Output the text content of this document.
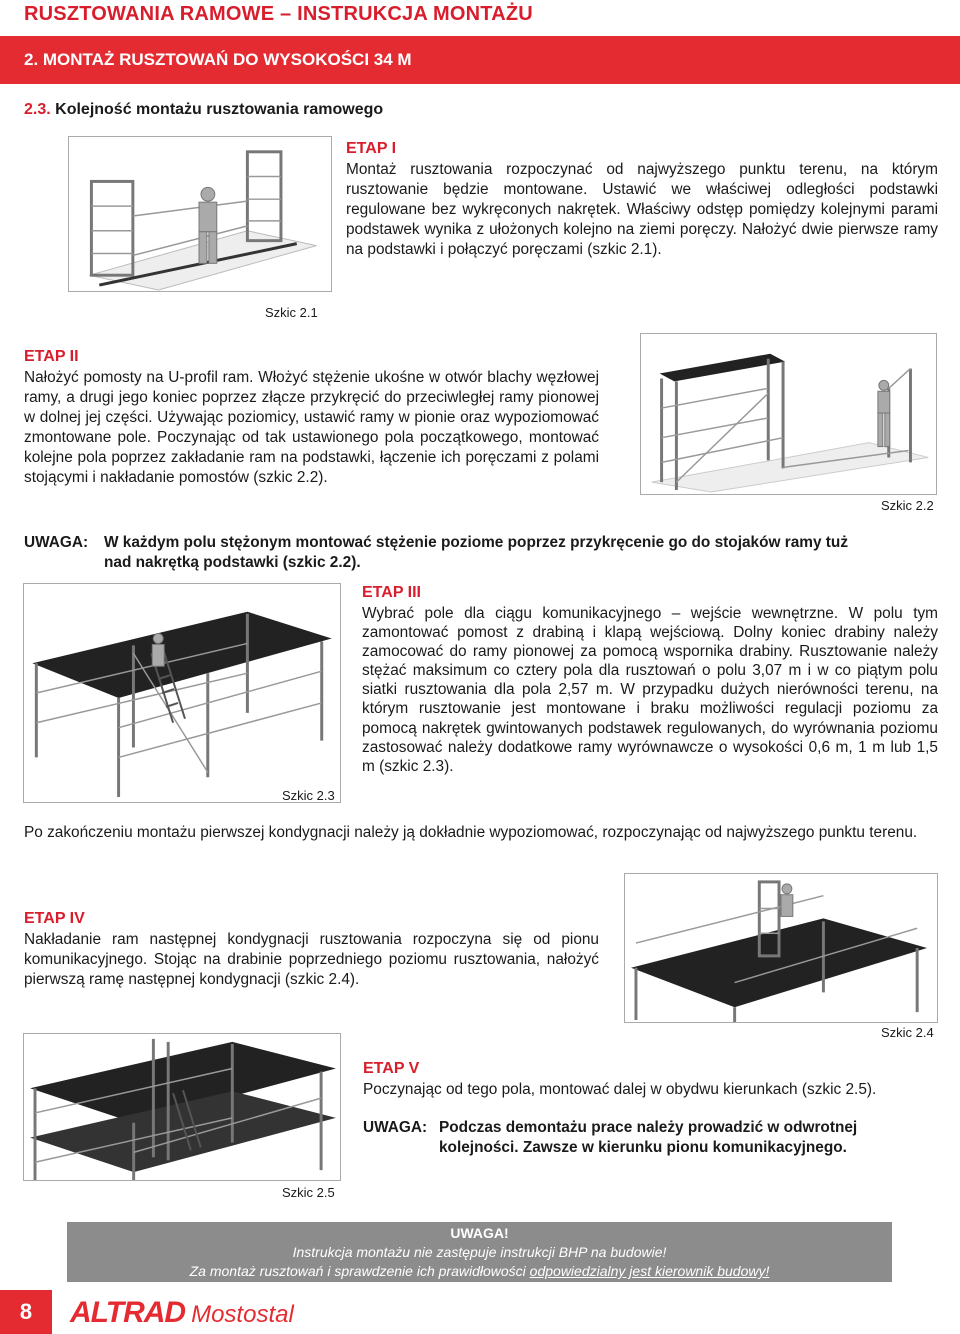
RUSZTOWANIA RAMOWE – INSTRUKCJA MONTAŻU
2. MONTAŻ RUSZTOWAŃ DO WYSOKOŚCI 34 M
2.3. Kolejność montażu rusztowania ramowego
ETAP I
Montaż rusztowania rozpoczynać od najwyższego punktu terenu, na którym rusztowanie będzie montowane. Ustawić we właściwej odległości podstawki regulowane bez wykręconych nakrętek. Właściwy odstęp pomiędzy kolejnymi parami podstawek wynika z ułożonych kolejno na ziemi poręczy. Nałożyć dwie pierwsze ramy na podstawki i połączyć poręczami (szkic 2.1).
Szkic 2.1
ETAP II
Nałożyć pomosty na U-profil ram. Włożyć stężenie ukośne w otwór blachy węzłowej ramy, a drugi jego koniec poprzez złącze przykręcić do przeciwległej ramy pionowej w dolnej jej części. Używając poziomicy, ustawić ramy w pionie oraz wypoziomować zmontowane pole. Poczynając od tak ustawionego pola początkowego, montować kolejne pola poprzez zakładanie ram na podstawki, łączenie ich poręczami z polami stojącymi i nakładanie pomostów (szkic 2.2).
Szkic 2.2
UWAGA: W każdym polu stężonym montować stężenie poziome poprzez przykręcenie go do stojaków ramy tuż
nad nakrętką podstawki (szkic 2.2).
Szkic 2.3
ETAP III
Wybrać pole dla ciągu komunikacyjnego – wejście wewnętrzne. W polu tym zamontować pomost z drabiną i klapą wejściową. Dolny koniec drabiny należy zamocować do ramy pionowej za pomocą wspornika drabiny. Rusztowanie należy stężać maksimum co cztery pola dla rusztowań o polu 3,07 m i w co piątym polu siatki rusztowania dla pola 2,57 m. W przypadku dużych nierówności terenu, na którym rusztowanie jest montowane i braku możliwości regulacji poziomu za pomocą nakrętek gwintowanych podstawek regulowanych, do wyrównania poziomu zastosować należy dodatkowe ramy wyrównawcze o wysokości 0,6 m, 1 m lub 1,5 m (szkic 2.3).
Po zakończeniu montażu pierwszej kondygnacji należy ją dokładnie wypoziomować, rozpoczynając od najwyższego punktu terenu.
ETAP IV
Nakładanie ram następnej kondygnacji rusztowania rozpoczyna się od pionu komunikacyjnego. Stojąc na drabinie poprzedniego poziomu rusztowania, nałożyć pierwszą ramę następnej kondygnacji (szkic 2.4).
Szkic 2.4
Szkic 2.5
ETAP V
Poczynając od tego pola, montować dalej w obydwu kierunkach (szkic 2.5).
UWAGA: Podczas demontażu prace należy prowadzić w odwrotnej
kolejności. Zawsze w kierunku pionu komunikacyjnego.
UWAGA!
Instrukcja montażu nie zastępuje instrukcji BHP na budowie!
Za montaż rusztowań i sprawdzenie ich prawidłowości odpowiedzialny jest kierownik budowy!
8	ALTRAD Mostostal
